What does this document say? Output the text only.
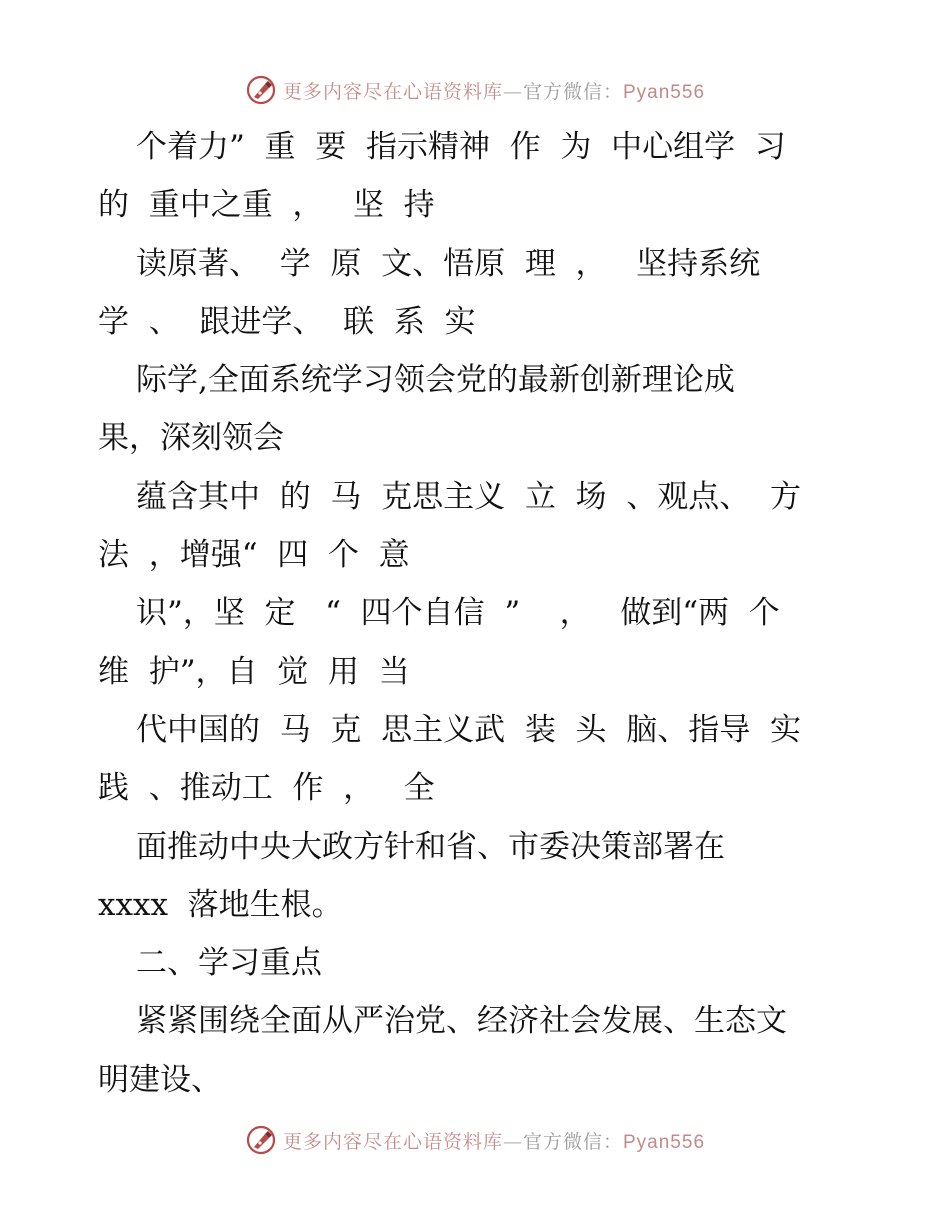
更多内容尽在心语资料库—官方微信：Pyan556
个着力”  重  要  指示精神  作  为  中心组学  习
的  重中之重  ，   坚  持
读原著、  学  原  文、悟原  理  ，   坚持系统
学  、  跟进学、  联  系  实
际学,全面系统学习领会党的最新创新理论成
果，深刻领会
蕴含其中  的  马  克思主义  立  场  、观点、  方
法  ，增强“  四  个  意
识”，坚  定   “  四个自信  ”    ，   做到“两  个
维  护”，自  觉  用  当
代中国的  马  克  思主义武  装  头  脑、指导  实
践  、推动工  作  ，   全
面推动中央大政方针和省、市委决策部署在
xxxx  落地生根。
二、学习重点
紧紧围绕全面从严治党、经济社会发展、生态文
明建设、
更多内容尽在心语资料库—官方微信：Pyan556
